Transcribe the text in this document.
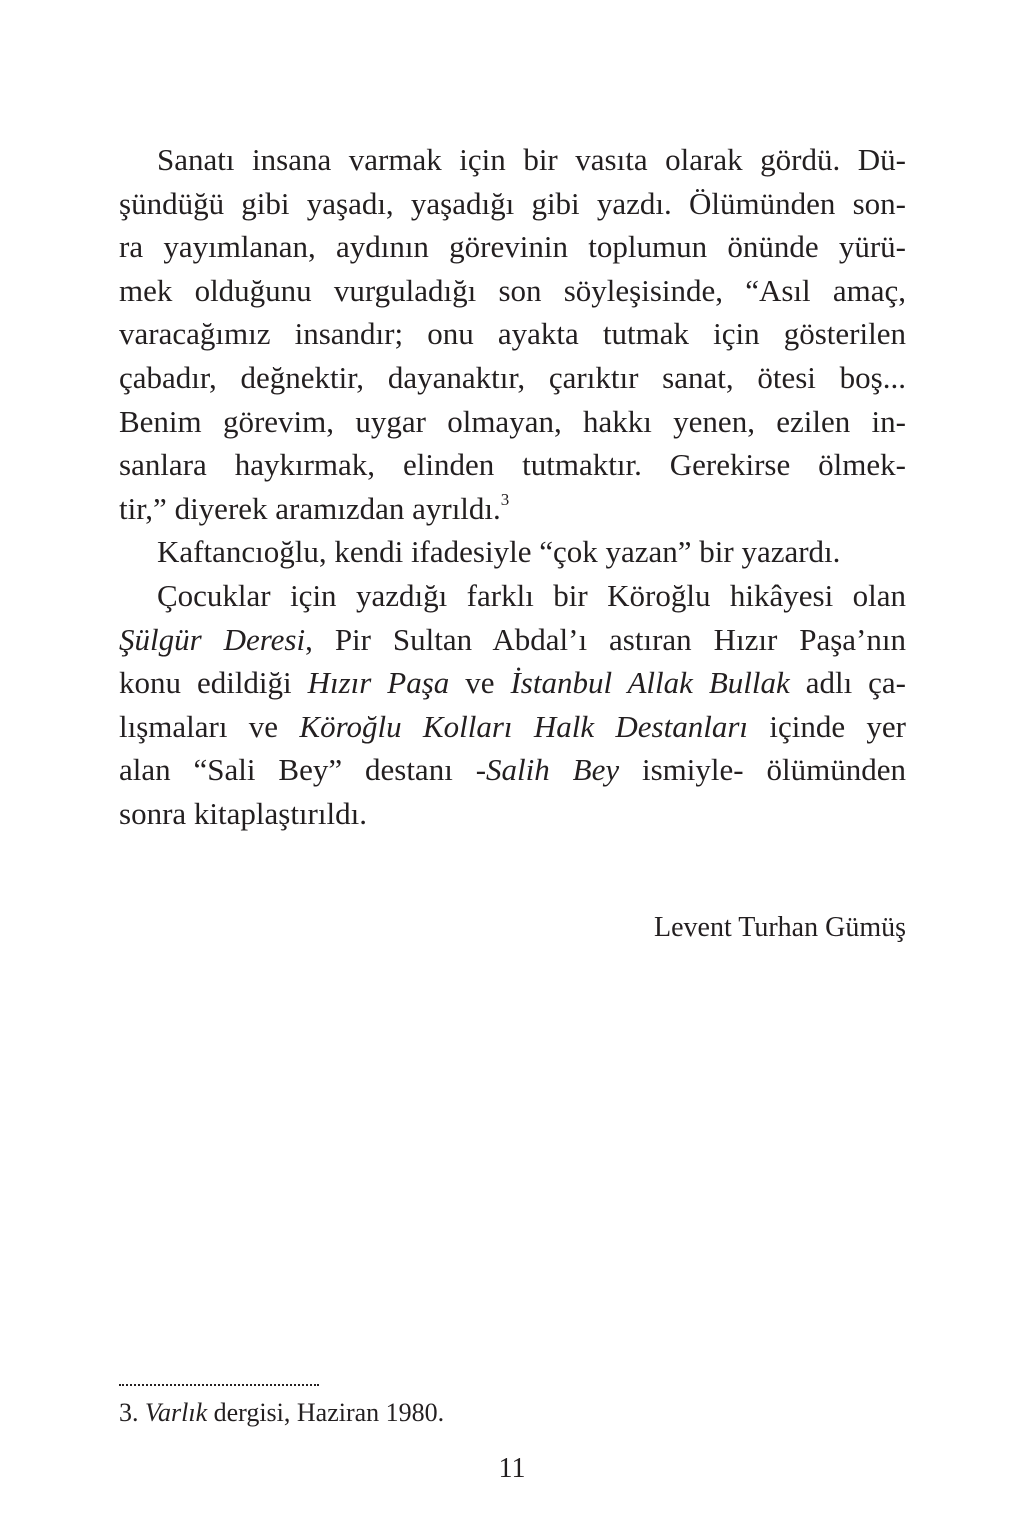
Sanatı insana varmak için bir vasıta olarak gördü. Dü-
şündüğü gibi yaşadı, yaşadığı gibi yazdı. Ölümünden son-
ra yayımlanan, aydının görevinin toplumun önünde yürü-
mek olduğunu vurguladığı son söyleşisinde, “Asıl amaç,
varacağımız insandır; onu ayakta tutmak için gösterilen
çabadır, değnektir, dayanaktır, çarıktır sanat, ötesi boş...
Benim görevim, uygar olmayan, hakkı yenen, ezilen in-
sanlara haykırmak, elinden tutmaktır. Gerekirse ölmek-
tir,” diyerek aramızdan ayrıldı.$^3$
Kaftancıoğlu, kendi ifadesiyle “çok yazan” bir yazardı.
Çocuklar için yazdığı farklı bir Köroğlu hikâyesi olan
Şülgür Deresi, Pir Sultan Abdal’ı astıran Hızır Paşa’nın
konu edildiği Hızır Paşa ve İstanbul Allak Bullak adlı ça-
lışmaları ve Köroğlu Kolları Halk Destanları içinde yer
alan “Sali Bey” destanı -Salih Bey ismiyle- ölümünden
sonra kitaplaştırıldı.
Levent Turhan Gümüş
3. Varlık dergisi, Haziran 1980.
11
